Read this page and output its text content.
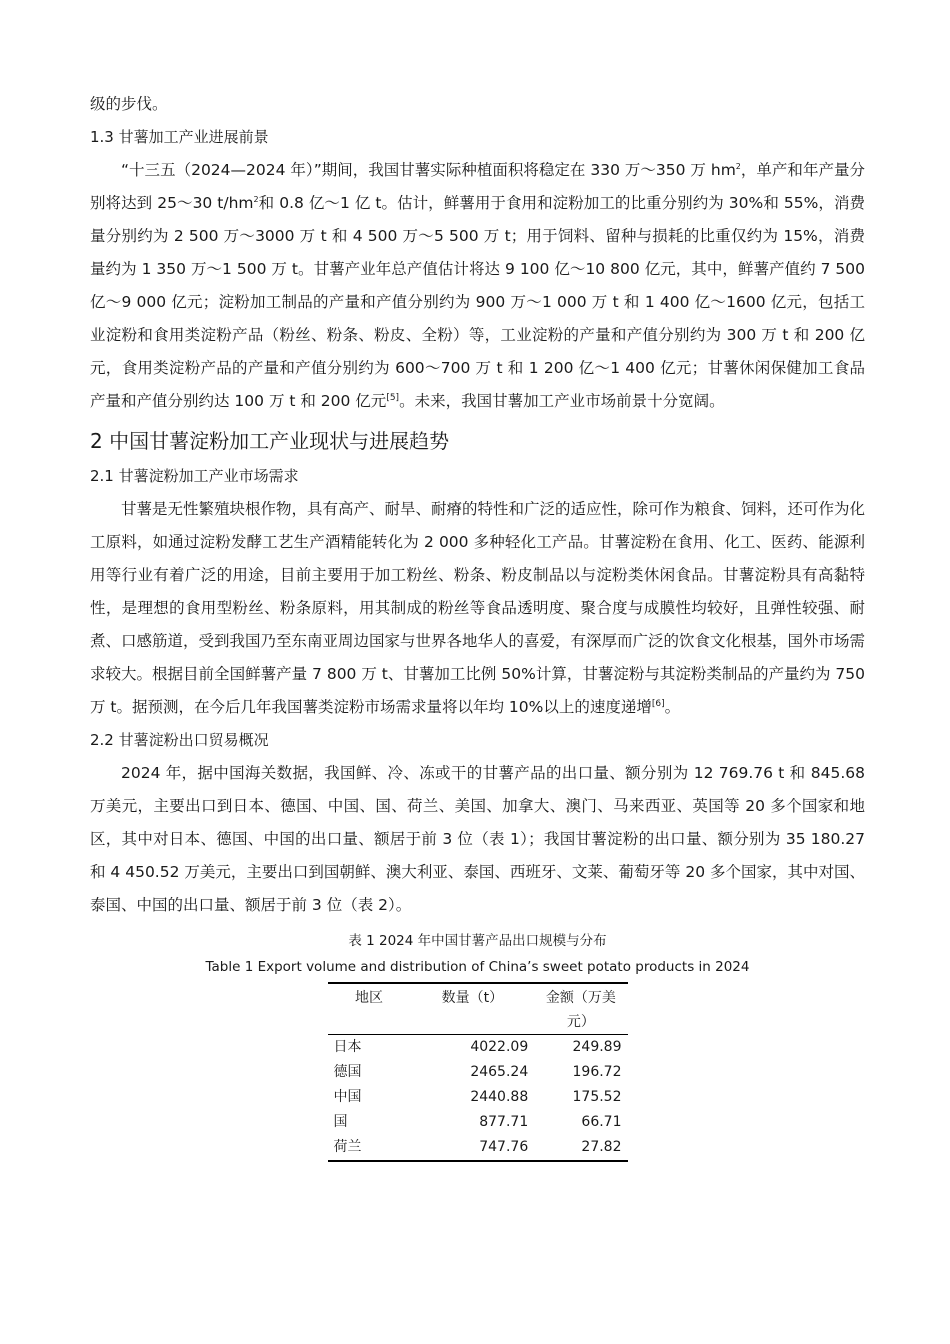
级的步伐。

1.3 甘薯加工产业进展前景

“十三五（2024—2024 年）”期间，我国甘薯实际种植面积将稳定在 330 万～350 万 $hm^2$，单产和年产量分别将达到 25～30 $t/hm^2$和 0.8 亿～1 亿 t。估计，鲜薯用于食用和淀粉加工的比重分别约为 30%和 55%，消费量分别约为 2 500 万～3000 万 t 和 4 500 万～5 500 万 t；用于饲料、留种与损耗的比重仅约为 15%，消费量约为 1 350 万～1 500 万 t。甘薯产业年总产值估计将达 9 100 亿～10 800 亿元，其中，鲜薯产值约 7 500 亿～9 000 亿元；淀粉加工制品的产量和产值分别约为 900 万～1 000 万 t 和 1 400 亿～1600 亿元，包括工业淀粉和食用类淀粉产品（粉丝、粉条、粉皮、全粉）等，工业淀粉的产量和产值分别约为 300 万 t 和 200 亿元，食用类淀粉产品的产量和产值分别约为 600～700 万 t 和 1 200 亿～1 400 亿元；甘薯休闲保健加工食品产量和产值分别约达 100 万 t 和 200 亿元[5]。未来，我国甘薯加工产业市场前景十分宽阔。

2 中国甘薯淀粉加工产业现状与进展趋势

2.1 甘薯淀粉加工产业市场需求

甘薯是无性繁殖块根作物，具有高产、耐旱、耐瘠的特性和广泛的适应性，除可作为粮食、饲料，还可作为化工原料，如通过淀粉发酵工艺生产酒精能转化为 2 000 多种轻化工产品。甘薯淀粉在食用、化工、医药、能源利用等行业有着广泛的用途，目前主要用于加工粉丝、粉条、粉皮制品以与淀粉类休闲食品。甘薯淀粉具有高黏特性，是理想的食用型粉丝、粉条原料，用其制成的粉丝等食品透明度、聚合度与成膜性均较好，且弹性较强、耐煮、口感筋道，受到我国乃至东南亚周边国家与世界各地华人的喜爱，有深厚而广泛的饮食文化根基，国外市场需求较大。根据目前全国鲜薯产量 7 800 万 t、甘薯加工比例 50%计算，甘薯淀粉与其淀粉类制品的产量约为 750 万 t。据预测，在今后几年我国薯类淀粉市场需求量将以年均 10%以上的速度递增[6]。

2.2 甘薯淀粉出口贸易概况

2024 年，据中国海关数据，我国鲜、冷、冻或干的甘薯产品的出口量、额分别为 12 769.76 t 和 845.68 万美元，主要出口到日本、德国、中国、国、荷兰、美国、加拿大、澳门、马来西亚、英国等 20 多个国家和地区，其中对日本、德国、中国的出口量、额居于前 3 位（表 1）；我国甘薯淀粉的出口量、额分别为 35 180.27 和 4 450.52 万美元，主要出口到国朝鲜、澳大利亚、泰国、西班牙、文莱、葡萄牙等 20 多个国家，其中对国、泰国、中国的出口量、额居于前 3 位（表 2）。

表 1 2024 年中国甘薯产品出口规模与分布

Table 1 Export volume and distribution of China’s sweet potato products in 2024

地区	数量（t）	金额（万美元）
日本	4022.09	249.89
德国	2465.24	196.72
中国	2440.88	175.52
国	877.71	66.71
荷兰	747.76	27.82
